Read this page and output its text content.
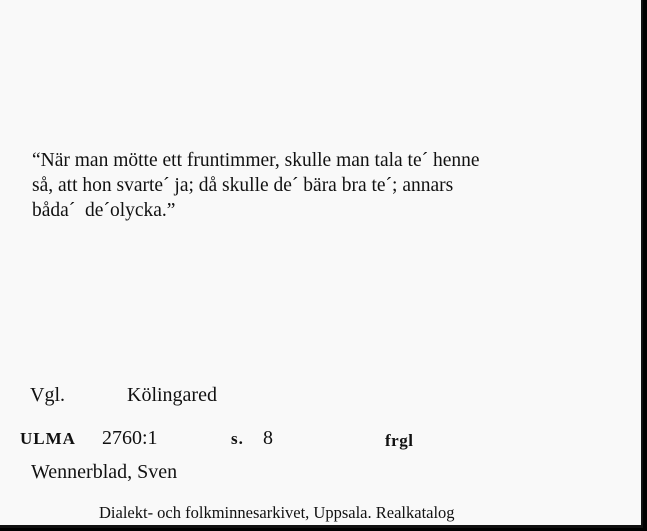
“När man mötte ett fruntimmer, skulle man tala te´ henne
så, att hon svarte´ ja; då skulle de´ bära bra te´; annars
båda´  de´olycka.”

Vgl.	Kölingared
ULMA 2760:1	s. 8	frgl
Wennerblad, Sven
Dialekt- och folkminnesarkivet, Uppsala. Realkatalog
